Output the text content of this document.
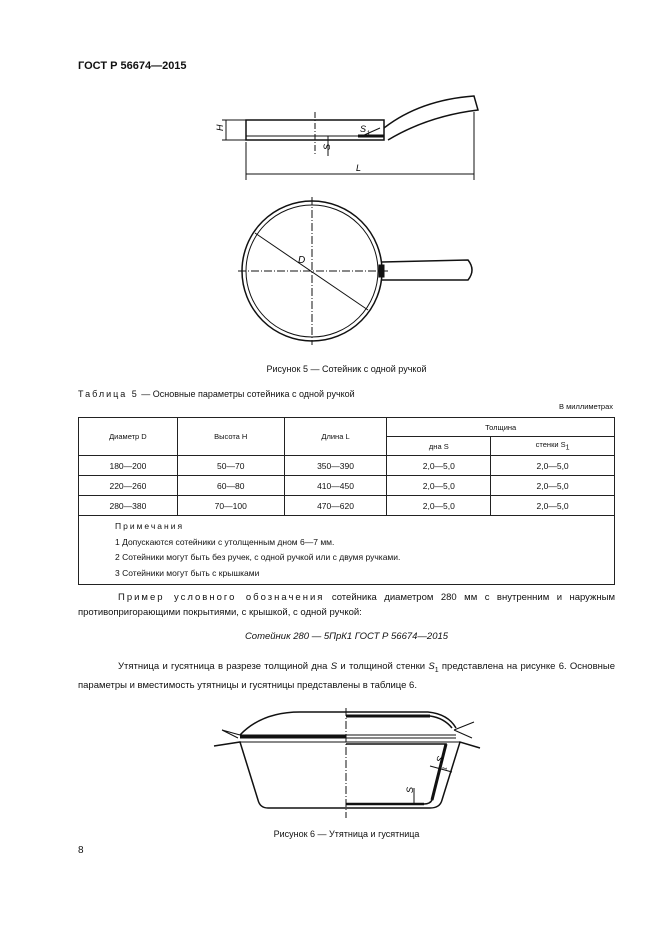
ГОСТ Р 56674—2015
H
S
S 1
L
D
Рисунок 5 — Сотейник с одной ручкой
Таблица 5 — Основные параметры сотейника с одной ручкой
В миллиметрах
Диаметр D	Высота H	Длина L	Толщина	
			дна S	стенки $S_1$
180—200	50—70	350—390	2,0—5,0	2,0—5,0
220—260	60—80	410—450	2,0—5,0	2,0—5,0
280—380	70—100	470—620	2,0—5,0	2,0—5,0

Примечания
1 Допускаются сотейники с утолщенным дном 6—7 мм.
2 Сотейники могут быть без ручек, с одной ручкой или с двумя ручками.
3 Сотейники могут быть с крышками				
Пример условного обозначения сотейника диаметром 280 мм с внутренним и наружным противопригорающими покрытиями, с крышкой, с одной ручкой:
Сотейник 280 — 5ПрК1 ГОСТ Р 56674—2015
Утятница и гусятница в разрезе толщиной дна S и толщиной стенки $S_1$ представлена на рисунке 6. Основные параметры и вместимость утятницы и гусятницы представлены в таблице 6.
S
1
S
Рисунок 6 — Утятница и гусятница
8
